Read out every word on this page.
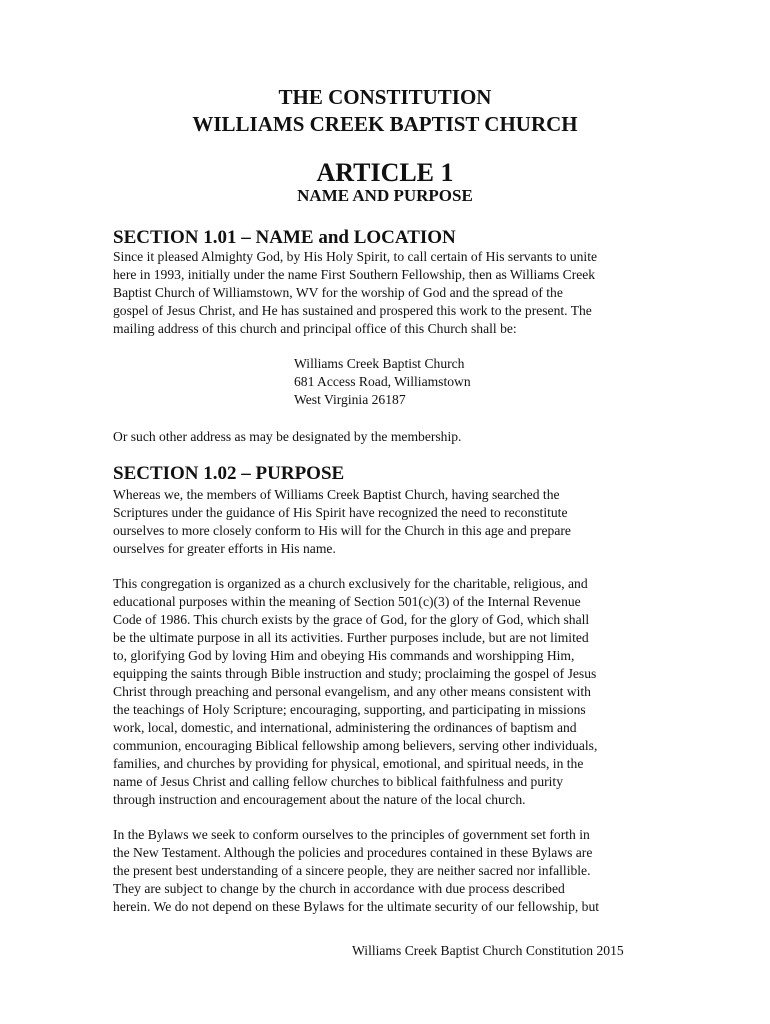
THE CONSTITUTION
WILLIAMS CREEK BAPTIST CHURCH
ARTICLE 1
NAME AND PURPOSE
SECTION 1.01 – NAME and LOCATION
Since it pleased Almighty God, by His Holy Spirit, to call certain of His servants to unite
here in 1993, initially under the name First Southern Fellowship, then as Williams Creek
Baptist Church of Williamstown, WV for the worship of God and the spread of the
gospel of Jesus Christ, and He has sustained and prospered this work to the present. The
mailing address of this church and principal office of this Church shall be:
Williams Creek Baptist Church
681 Access Road, Williamstown
West Virginia 26187
Or such other address as may be designated by the membership.
SECTION 1.02 – PURPOSE
Whereas we, the members of Williams Creek Baptist Church, having searched the
Scriptures under the guidance of His Spirit have recognized the need to reconstitute
ourselves to more closely conform to His will for the Church in this age and prepare
ourselves for greater efforts in His name.
This congregation is organized as a church exclusively for the charitable, religious, and
educational purposes within the meaning of Section 501(c)(3) of the Internal Revenue
Code of 1986. This church exists by the grace of God, for the glory of God, which shall
be the ultimate purpose in all its activities. Further purposes include, but are not limited
to, glorifying God by loving Him and obeying His commands and worshipping Him,
equipping the saints through Bible instruction and study; proclaiming the gospel of Jesus
Christ through preaching and personal evangelism, and any other means consistent with
the teachings of Holy Scripture; encouraging, supporting, and participating in missions
work, local, domestic, and international, administering the ordinances of baptism and
communion, encouraging Biblical fellowship among believers, serving other individuals,
families, and churches by providing for physical, emotional, and spiritual needs, in the
name of Jesus Christ and calling fellow churches to biblical faithfulness and purity
through instruction and encouragement about the nature of the local church.
In the Bylaws we seek to conform ourselves to the principles of government set forth in
the New Testament. Although the policies and procedures contained in these Bylaws are
the present best understanding of a sincere people, they are neither sacred nor infallible.
They are subject to change by the church in accordance with due process described
herein. We do not depend on these Bylaws for the ultimate security of our fellowship, but
Williams Creek Baptist Church Constitution 2015
